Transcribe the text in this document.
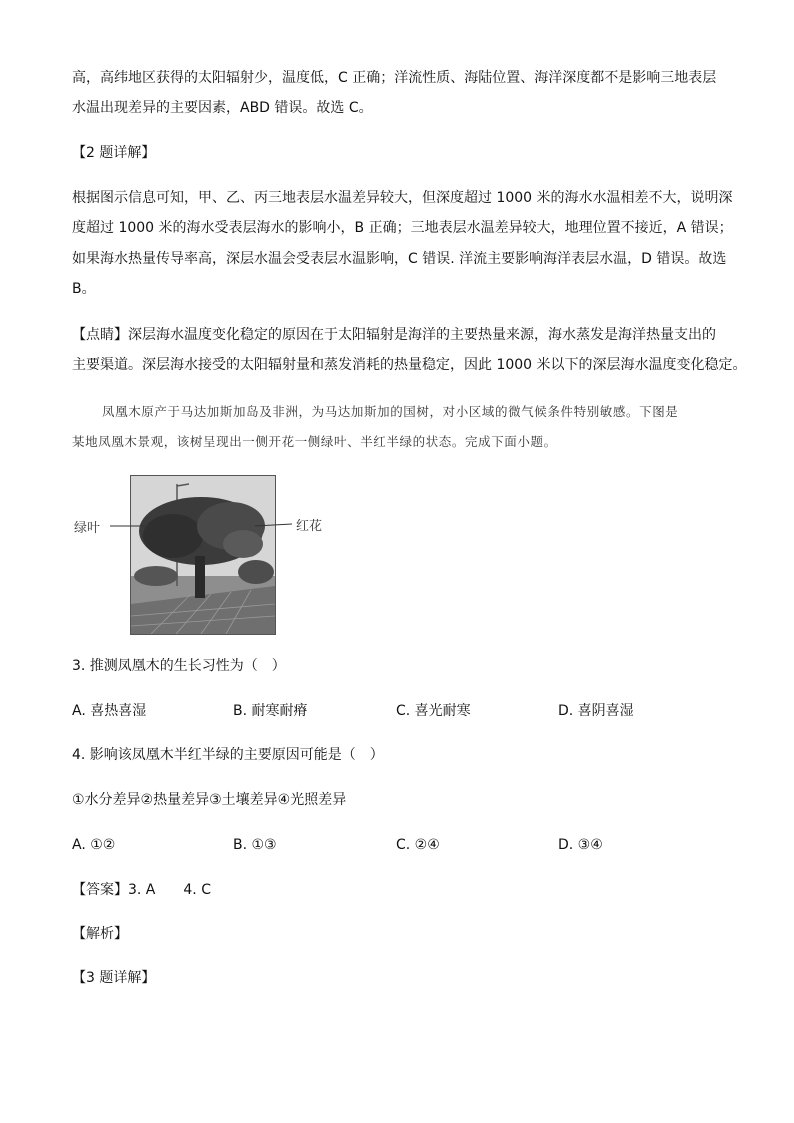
高，高纬地区获得的太阳辐射少，温度低，C 正确；洋流性质、海陆位置、海洋深度都不是影响三地表层
水温出现差异的主要因素，ABD 错误。故选 C。
【2 题详解】
根据图示信息可知，甲、乙、丙三地表层水温差异较大，但深度超过 1000 米的海水水温相差不大，说明深
度超过 1000 米的海水受表层海水的影响小，B 正确；三地表层水温差异较大，地理位置不接近，A 错误；
如果海水热量传导率高，深层水温会受表层水温影响，C 错误. 洋流主要影响海洋表层水温，D 错误。故选
B。
【点睛】深层海水温度变化稳定的原因在于太阳辐射是海洋的主要热量来源，海水蒸发是海洋热量支出的
主要渠道。深层海水接受的太阳辐射量和蒸发消耗的热量稳定，因此 1000 米以下的深层海水温度变化稳定。
凤凰木原产于马达加斯加岛及非洲，为马达加斯加的国树，对小区域的微气候条件特别敏感。下图是
某地凤凰木景观，该树呈现出一侧开花一侧绿叶、半红半绿的状态。完成下面小题。
绿叶	红花
3. 推测凤凰木的生长习性为（　）
A. 喜热喜湿	B. 耐寒耐瘠	C. 喜光耐寒	D. 喜阴喜湿
4. 影响该凤凰木半红半绿的主要原因可能是（　）
①水分差异②热量差异③土壤差异④光照差异
A. ①②	B. ①③	C. ②④	D. ③④
【答案】3. A　　4. C
【解析】
【3 题详解】
